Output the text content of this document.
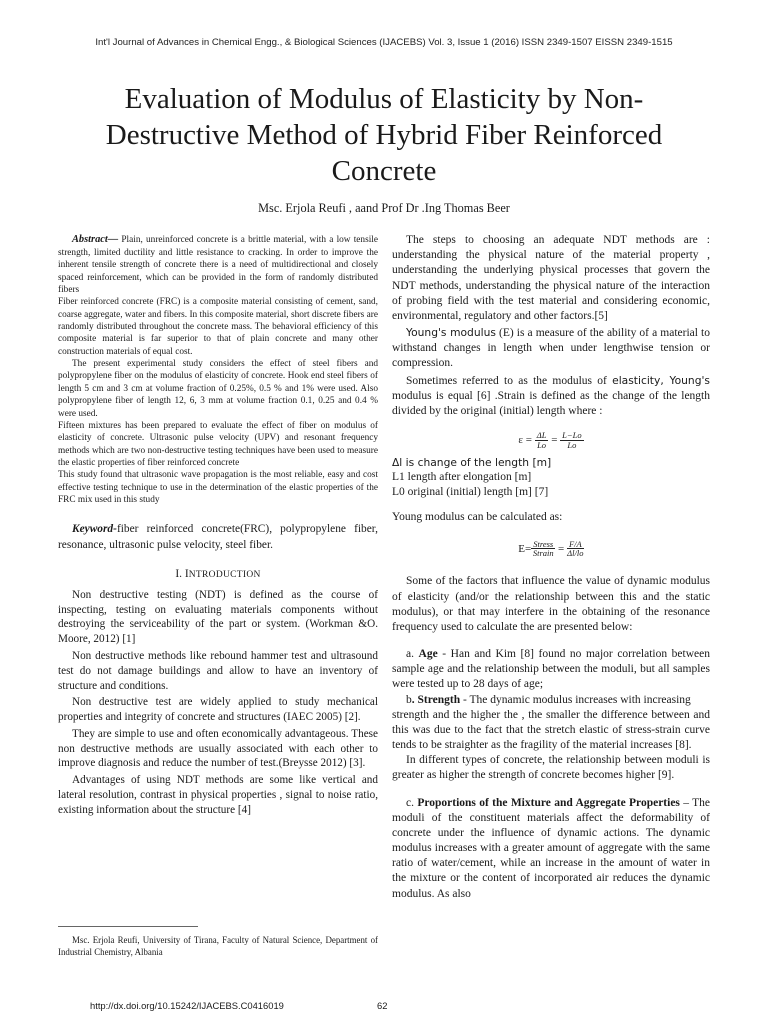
Int'l Journal of Advances in Chemical Engg., & Biological Sciences (IJACEBS) Vol. 3, Issue 1 (2016) ISSN 2349-1507 EISSN 2349-1515
Evaluation of Modulus of Elasticity by Non-Destructive Method of Hybrid Fiber Reinforced Concrete
Msc. Erjola Reufi , aand Prof Dr .Ing Thomas Beer

Abstract— Plain, unreinforced concrete is a brittle material, with a low tensile strength, limited ductility and little resistance to cracking. In order to improve the inherent tensile strength of concrete there is a need of multidirectional and closely spaced reinforcement, which can be provided in the form of randomly distributed fibers

Fiber reinforced concrete (FRC) is a composite material consisting of cement, sand, coarse aggregate, water and fibers. In this composite material, short discrete fibers are randomly distributed throughout the concrete mass. The behavioral efficiency of this composite material is far superior to that of plain concrete and many other construction materials of equal cost.

The present experimental study considers the effect of steel fibers and polypropylene fiber on the modulus of elasticity of concrete. Hook end steel fibers of length 5 cm and 3 cm at volume fraction of 0.25%, 0.5 % and 1% were used. Also polypropylene fiber of length 12, 6, 3 mm at volume fraction 0.1, 0.25 and 0.4 % were used.

Fifteen mixtures has been prepared to evaluate the effect of fiber on modulus of elasticity of concrete. Ultrasonic pulse velocity (UPV) and resonant frequency methods which are two non-destructive testing techniques have been used to measure the elastic properties of fiber reinforced concrete

This study found that ultrasonic wave propagation is the most reliable, easy and cost effective testing technique to use in the determination of the elastic properties of the FRC mix used in this study

Keyword-fiber reinforced concrete(FRC), polypropylene fiber, resonance, ultrasonic pulse velocity, steel fiber.

I. INTRODUCTION

Non destructive testing (NDT) is defined as the course of inspecting, testing on evaluating materials components without destroying the serviceability of the part or system. (Workman &O. Moore, 2012) [1]

Non destructive methods like rebound hammer test and ultrasound test do not damage buildings and allow to have an inventory of structure and conditions.

Non destructive test are widely applied to study mechanical properties and integrity of concrete and structures (IAEC 2005) [2].

They are simple to use and often economically advantageous. These non destructive methods are usually associated with each other to improve diagnosis and reduce the number of test.(Breysse 2012) [3].

Advantages of using NDT methods are some like vertical and lateral resolution, contrast in physical properties , signal to noise ratio, existing information about the structure [4]

Msc. Erjola Reufi, University of Tirana, Faculty of Natural Science, Department of Industrial Chemistry, Albania

The steps to choosing an adequate NDT methods are : understanding the physical nature of the material property , understanding the underlying physical processes that govern the NDT methods, understanding the physical nature of the interaction of probing field with the test material and considering economic, environmental, regulatory and other factors.[5]

Young's modulus (E) is a measure of the ability of a material to withstand changes in length when under lengthwise tension or compression.

Sometimes referred to as the modulus of elasticity, Young's modulus is equal [6] .Strain is defined as the change of the length divided by the original (initial) length where :

$\varepsilon = \frac{\Delta L}{Lo} = \frac{L-Lo}{Lo}$

Δl is change of the length [m]

L1 length after elongation [m]

L0 original (initial) length [m] [7]

Young modulus can be calculated as:

$E= \frac{\text{Stress}}{\text{Strain}} = \frac{F/A}{\Delta l/lo}$

Some of the factors that influence the value of dynamic modulus of elasticity (and/or the relationship between this and the static modulus), or that may interfere in the obtaining of the resonance frequency used to calculate the are presented below:

a. Age - Han and Kim [8] found no major correlation between sample age and the relationship between the moduli, but all samples were tested up to 28 days of age;

b. Strength - The dynamic modulus increases with increasing

strength and the higher the , the smaller the difference between and this was due to the fact that the stretch elastic of stress-strain curve tends to be straighter as the fragility of the material increases [8].

In different types of concrete, the relationship between moduli is greater as higher the strength of concrete becomes higher [9].

c. Proportions of the Mixture and Aggregate Properties – The moduli of the constituent materials affect the deformability of concrete under the influence of dynamic actions. The dynamic modulus increases with a greater amount of aggregate with the same ratio of water/cement, while an increase in the amount of water in the mixture or the content of incorporated air reduces the dynamic modulus. As also

http://dx.doi.org/10.15242/IJACEBS.C0416019	62
